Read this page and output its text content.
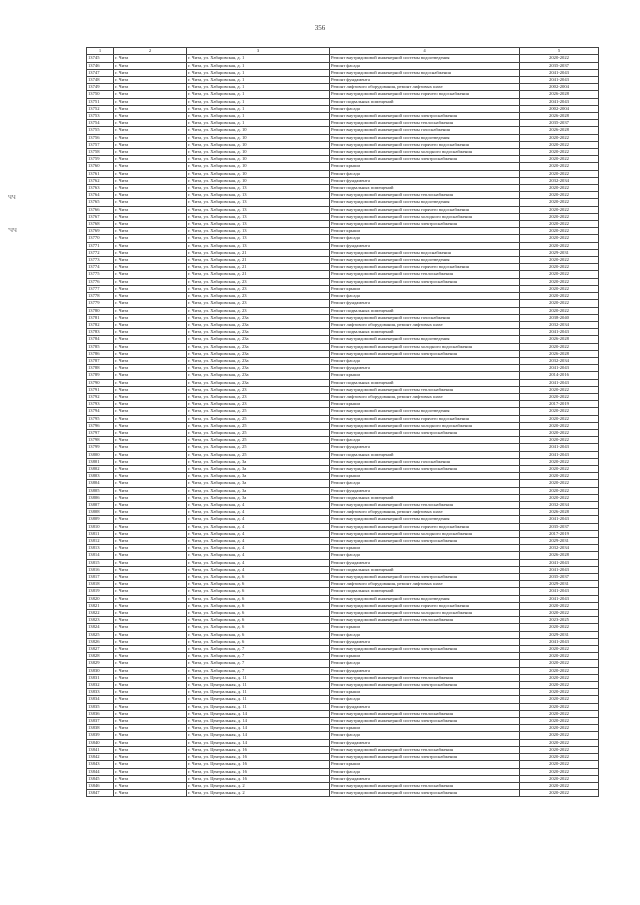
356
ЧЧ
'ЧЧ
1	2	3	4	5
13745	г. Чита	г. Чита, ул. Хабаровская, д. 1	Ремонт внутридомовой инженерной системы водоотведения	2020-2022
13746	г. Чита	г. Чита, ул. Хабаровская, д. 1	Ремонт фасада	2035-2037
13747	г. Чита	г. Чита, ул. Хабаровская, д. 1	Ремонт внутридомовой инженерной системы водоснабжения	2041-2043
13748	г. Чита	г. Чита, ул. Хабаровская, д. 1	Ремонт фундамента	2041-2043
13749	г. Чита	г. Чита, ул. Хабаровская, д. 1	Ремонт лифтового оборудования, ремонт лифтовых шахт	2002-2004
13750	г. Чита	г. Чита, ул. Хабаровская, д. 1	Ремонт внутридомовой инженерной системы горячего водоснабжения	2026-2028
13751	г. Чита	г. Чита, ул. Хабаровская, д. 1	Ремонт подвальных помещений	2041-2043
13752	г. Чита	г. Чита, ул. Хабаровская, д. 1	Ремонт фасада	2002-2004
13753	г. Чита	г. Чита, ул. Хабаровская, д. 1	Ремонт внутридомовой инженерной системы электроснабжения	2026-2028
13754	г. Чита	г. Чита, ул. Хабаровская, д. 1	Ремонт внутридомовой инженерной системы теплоснабжения	2035-2037
13755	г. Чита	г. Чита, ул. Хабаровская, д. 10	Ремонт внутридомовой инженерной системы газоснабжения	2026-2028
13756	г. Чита	г. Чита, ул. Хабаровская, д. 10	Ремонт внутридомовой инженерной системы водоотведения	2020-2022
13757	г. Чита	г. Чита, ул. Хабаровская, д. 10	Ремонт внутридомовой инженерной системы горячего водоснабжения	2020-2022
13758	г. Чита	г. Чита, ул. Хабаровская, д. 10	Ремонт внутридомовой инженерной системы холодного водоснабжения	2020-2022
13759	г. Чита	г. Чита, ул. Хабаровская, д. 10	Ремонт внутридомовой инженерной системы электроснабжения	2020-2022
13760	г. Чита	г. Чита, ул. Хабаровская, д. 10	Ремонт крыши	2020-2022
13761	г. Чита	г. Чита, ул. Хабаровская, д. 10	Ремонт фасада	2020-2022
13762	г. Чита	г. Чита, ул. Хабаровская, д. 10	Ремонт фундамента	2032-2034
13763	г. Чита	г. Чита, ул. Хабаровская, д. 13	Ремонт подвальных помещений	2020-2022
13764	г. Чита	г. Чита, ул. Хабаровская, д. 13	Ремонт внутридомовой инженерной системы теплоснабжения	2020-2022
13765	г. Чита	г. Чита, ул. Хабаровская, д. 13	Ремонт внутридомовой инженерной системы водоотведения	2020-2022
13766	г. Чита	г. Чита, ул. Хабаровская, д. 13	Ремонт внутридомовой инженерной системы горячего водоснабжения	2020-2022
13767	г. Чита	г. Чита, ул. Хабаровская, д. 13	Ремонт внутридомовой инженерной системы холодного водоснабжения	2020-2022
13768	г. Чита	г. Чита, ул. Хабаровская, д. 13	Ремонт внутридомовой инженерной системы электроснабжения	2020-2022
13769	г. Чита	г. Чита, ул. Хабаровская, д. 13	Ремонт крыши	2020-2022
13770	г. Чита	г. Чита, ул. Хабаровская, д. 13	Ремонт фасада	2020-2022
13771	г. Чита	г. Чита, ул. Хабаровская, д. 13	Ремонт фундамента	2020-2022
13772	г. Чита	г. Чита, ул. Хабаровская, д. 21	Ремонт внутридомовой инженерной системы водоснабжения	2029-2031
13773	г. Чита	г. Чита, ул. Хабаровская, д. 21	Ремонт внутридомовой инженерной системы водоотведения	2020-2022
13774	г. Чита	г. Чита, ул. Хабаровская, д. 21	Ремонт внутридомовой инженерной системы горячего водоснабжения	2020-2022
13775	г. Чита	г. Чита, ул. Хабаровская, д. 21	Ремонт внутридомовой инженерной системы теплоснабжения	2020-2022
13776	г. Чита	г. Чита, ул. Хабаровская, д. 23	Ремонт внутридомовой инженерной системы электроснабжения	2020-2022
13777	г. Чита	г. Чита, ул. Хабаровская, д. 23	Ремонт крыши	2020-2022
13778	г. Чита	г. Чита, ул. Хабаровская, д. 23	Ремонт фасада	2020-2022
13779	г. Чита	г. Чита, ул. Хабаровская, д. 23	Ремонт фундамента	2020-2022
13780	г. Чита	г. Чита, ул. Хабаровская, д. 23	Ремонт подвальных помещений	2020-2022
13781	г. Чита	г. Чита, ул. Хабаровская, д. 23а	Ремонт внутридомовой инженерной системы газоснабжения	2038-2040
13782	г. Чита	г. Чита, ул. Хабаровская, д. 23а	Ремонт лифтового оборудования, ремонт лифтовых шахт	2032-2034
13783	г. Чита	г. Чита, ул. Хабаровская, д. 23а	Ремонт подвальных помещений	2041-2043
13784	г. Чита	г. Чита, ул. Хабаровская, д. 23а	Ремонт внутридомовой инженерной системы водоотведения	2026-2028
13785	г. Чита	г. Чита, ул. Хабаровская, д. 23а	Ремонт внутридомовой инженерной системы холодного водоснабжения	2020-2022
13786	г. Чита	г. Чита, ул. Хабаровская, д. 23а	Ремонт внутридомовой инженерной системы электроснабжения	2026-2028
13787	г. Чита	г. Чита, ул. Хабаровская, д. 23а	Ремонт фасада	2032-2034
13788	г. Чита	г. Чита, ул. Хабаровская, д. 23а	Ремонт фундамента	2041-2043
13789	г. Чита	г. Чита, ул. Хабаровская, д. 23а	Ремонт крыши	2014-2016
13790	г. Чита	г. Чита, ул. Хабаровская, д. 23а	Ремонт подвальных помещений	2041-2043
13791	г. Чита	г. Чита, ул. Хабаровская, д. 23	Ремонт внутридомовой инженерной системы теплоснабжения	2020-2022
13792	г. Чита	г. Чита, ул. Хабаровская, д. 23	Ремонт лифтового оборудования, ремонт лифтовых шахт	2020-2022
13793	г. Чита	г. Чита, ул. Хабаровская, д. 23	Ремонт крыши	2017-2019
13794	г. Чита	г. Чита, ул. Хабаровская, д. 25	Ремонт внутридомовой инженерной системы водоотведения	2020-2022
13795	г. Чита	г. Чита, ул. Хабаровская, д. 25	Ремонт внутридомовой инженерной системы горячего водоснабжения	2020-2022
13796	г. Чита	г. Чита, ул. Хабаровская, д. 25	Ремонт внутридомовой инженерной системы холодного водоснабжения	2020-2022
13797	г. Чита	г. Чита, ул. Хабаровская, д. 25	Ремонт внутридомовой инженерной системы электроснабжения	2020-2022
13798	г. Чита	г. Чита, ул. Хабаровская, д. 25	Ремонт фасада	2020-2022
13799	г. Чита	г. Чита, ул. Хабаровская, д. 25	Ремонт фундамента	2041-2043
13800	г. Чита	г. Чита, ул. Хабаровская, д. 25	Ремонт подвальных помещений	2041-2043
13801	г. Чита	г. Чита, ул. Хабаровская, д. 3а	Ремонт внутридомовой инженерной системы газоснабжения	2020-2022
13802	г. Чита	г. Чита, ул. Хабаровская, д. 3а	Ремонт внутридомовой инженерной системы электроснабжения	2020-2022
13803	г. Чита	г. Чита, ул. Хабаровская, д. 3а	Ремонт крыши	2020-2022
13804	г. Чита	г. Чита, ул. Хабаровская, д. 3а	Ремонт фасада	2020-2022
13805	г. Чита	г. Чита, ул. Хабаровская, д. 3а	Ремонт фундамента	2020-2022
13806	г. Чита	г. Чита, ул. Хабаровская, д. 3а	Ремонт подвальных помещений	2020-2022
13807	г. Чита	г. Чита, ул. Хабаровская, д. 4	Ремонт внутридомовой инженерной системы теплоснабжения	2032-2034
13808	г. Чита	г. Чита, ул. Хабаровская, д. 4	Ремонт лифтового оборудования, ремонт лифтовых шахт	2026-2028
13809	г. Чита	г. Чита, ул. Хабаровская, д. 4	Ремонт внутридомовой инженерной системы водоотведения	2041-2043
13810	г. Чита	г. Чита, ул. Хабаровская, д. 4	Ремонт внутридомовой инженерной системы горячего водоснабжения	2035-2037
13811	г. Чита	г. Чита, ул. Хабаровская, д. 4	Ремонт внутридомовой инженерной системы холодного водоснабжения	2017-2019
13812	г. Чита	г. Чита, ул. Хабаровская, д. 4	Ремонт внутридомовой инженерной системы электроснабжения	2029-2031
13813	г. Чита	г. Чита, ул. Хабаровская, д. 4	Ремонт крыши	2032-2034
13814	г. Чита	г. Чита, ул. Хабаровская, д. 4	Ремонт фасада	2026-2028
13815	г. Чита	г. Чита, ул. Хабаровская, д. 4	Ремонт фундамента	2041-2043
13816	г. Чита	г. Чита, ул. Хабаровская, д. 4	Ремонт подвальных помещений	2041-2043
13817	г. Чита	г. Чита, ул. Хабаровская, д. 6	Ремонт внутридомовой инженерной системы электроснабжения	2035-2037
13818	г. Чита	г. Чита, ул. Хабаровская, д. 6	Ремонт лифтового оборудования, ремонт лифтовых шахт	2029-2031
13819	г. Чита	г. Чита, ул. Хабаровская, д. 6	Ремонт подвальных помещений	2041-2043
13820	г. Чита	г. Чита, ул. Хабаровская, д. 6	Ремонт внутридомовой инженерной системы водоотведения	2041-2043
13821	г. Чита	г. Чита, ул. Хабаровская, д. 6	Ремонт внутридомовой инженерной системы горячего водоснабжения	2020-2022
13822	г. Чита	г. Чита, ул. Хабаровская, д. 6	Ремонт внутридомовой инженерной системы холодного водоснабжения	2020-2022
13823	г. Чита	г. Чита, ул. Хабаровская, д. 6	Ремонт внутридомовой инженерной системы теплоснабжения	2023-2025
13824	г. Чита	г. Чита, ул. Хабаровская, д. 6	Ремонт крыши	2020-2022
13825	г. Чита	г. Чита, ул. Хабаровская, д. 6	Ремонт фасада	2029-2031
13826	г. Чита	г. Чита, ул. Хабаровская, д. 6	Ремонт фундамента	2041-2043
13827	г. Чита	г. Чита, ул. Хабаровская, д. 7	Ремонт внутридомовой инженерной системы электроснабжения	2020-2022
13828	г. Чита	г. Чита, ул. Хабаровская, д. 7	Ремонт крыши	2020-2022
13829	г. Чита	г. Чита, ул. Хабаровская, д. 7	Ремонт фасада	2020-2022
13830	г. Чита	г. Чита, ул. Хабаровская, д. 7	Ремонт фундамента	2020-2022
13831	г. Чита	г. Чита, ул. Центральная, д. 11	Ремонт внутридомовой инженерной системы теплоснабжения	2020-2022
13832	г. Чита	г. Чита, ул. Центральная, д. 11	Ремонт внутридомовой инженерной системы электроснабжения	2020-2022
13833	г. Чита	г. Чита, ул. Центральная, д. 11	Ремонт крыши	2020-2022
13834	г. Чита	г. Чита, ул. Центральная, д. 11	Ремонт фасада	2020-2022
13835	г. Чита	г. Чита, ул. Центральная, д. 11	Ремонт фундамента	2020-2022
13836	г. Чита	г. Чита, ул. Центральная, д. 14	Ремонт внутридомовой инженерной системы теплоснабжения	2020-2022
13837	г. Чита	г. Чита, ул. Центральная, д. 14	Ремонт внутридомовой инженерной системы электроснабжения	2020-2022
13838	г. Чита	г. Чита, ул. Центральная, д. 14	Ремонт крыши	2020-2022
13839	г. Чита	г. Чита, ул. Центральная, д. 14	Ремонт фасада	2020-2022
13840	г. Чита	г. Чита, ул. Центральная, д. 14	Ремонт фундамента	2020-2022
13841	г. Чита	г. Чита, ул. Центральная, д. 16	Ремонт внутридомовой инженерной системы теплоснабжения	2020-2022
13842	г. Чита	г. Чита, ул. Центральная, д. 16	Ремонт внутридомовой инженерной системы электроснабжения	2020-2022
13843	г. Чита	г. Чита, ул. Центральная, д. 16	Ремонт крыши	2020-2022
13844	г. Чита	г. Чита, ул. Центральная, д. 16	Ремонт фасада	2020-2022
13845	г. Чита	г. Чита, ул. Центральная, д. 16	Ремонт фундамента	2020-2022
13846	г. Чита	г. Чита, ул. Центральная, д. 2	Ремонт внутридомовой инженерной системы теплоснабжения	2020-2022
13847	г. Чита	г. Чита, ул. Центральная, д. 2	Ремонт внутридомовой инженерной системы электроснабжения	2020-2022
